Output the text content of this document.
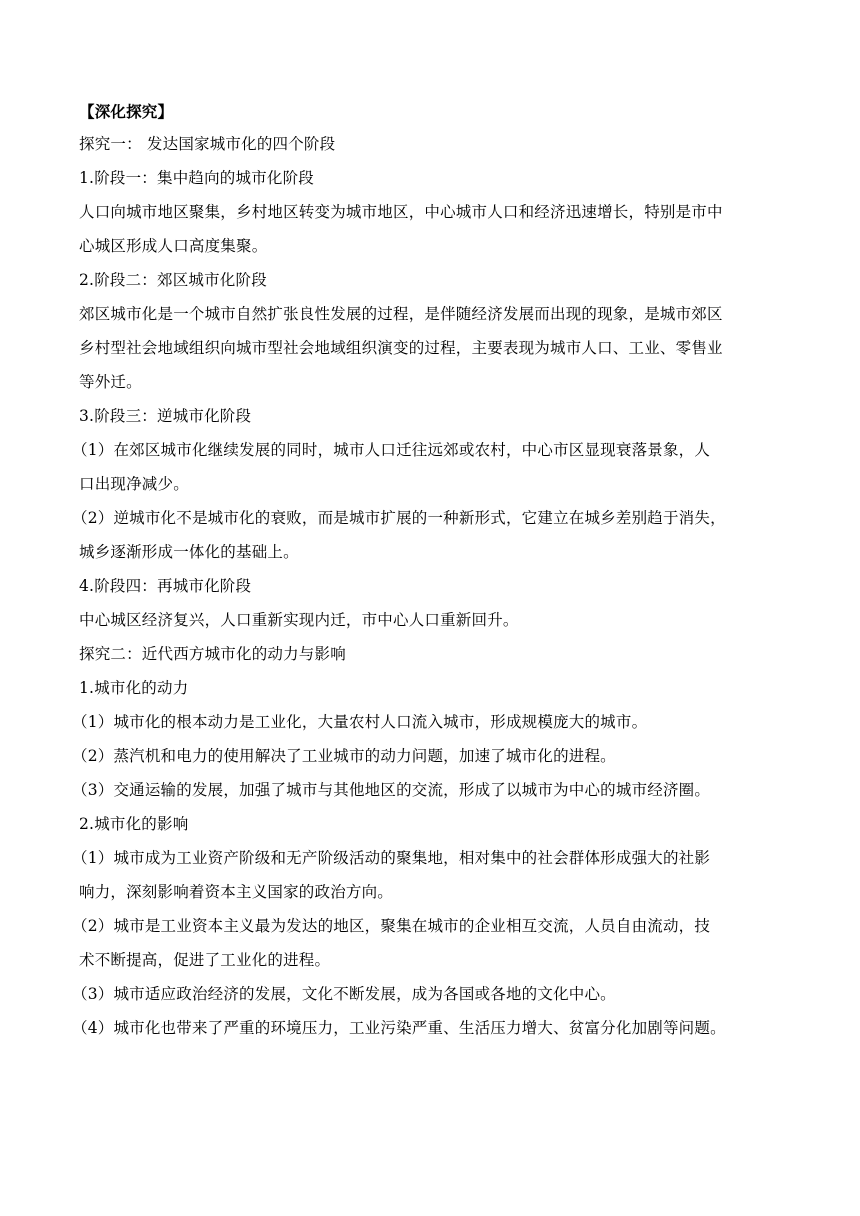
【深化探究】
探究一： 发达国家城市化的四个阶段
1.阶段一：集中趋向的城市化阶段
人口向城市地区聚集，乡村地区转变为城市地区，中心城市人口和经济迅速增长，特别是市中
心城区形成人口高度集聚。
2.阶段二：郊区城市化阶段
郊区城市化是一个城市自然扩张良性发展的过程，是伴随经济发展而出现的现象，是城市郊区
乡村型社会地域组织向城市型社会地域组织演变的过程，主要表现为城市人口、工业、零售业
等外迁。
3.阶段三：逆城市化阶段
（1）在郊区城市化继续发展的同时，城市人口迁往远郊或农村，中心市区显现衰落景象，人
口出现净减少。
（2）逆城市化不是城市化的衰败，而是城市扩展的一种新形式，它建立在城乡差别趋于消失，
城乡逐渐形成一体化的基础上。
4.阶段四：再城市化阶段
中心城区经济复兴，人口重新实现内迁，市中心人口重新回升。
探究二：近代西方城市化的动力与影响
1.城市化的动力
（1）城市化的根本动力是工业化，大量农村人口流入城市，形成规模庞大的城市。
（2）蒸汽机和电力的使用解决了工业城市的动力问题，加速了城市化的进程。
（3）交通运输的发展，加强了城市与其他地区的交流，形成了以城市为中心的城市经济圈。
2.城市化的影响
（1）城市成为工业资产阶级和无产阶级活动的聚集地，相对集中的社会群体形成强大的社影
响力，深刻影响着资本主义国家的政治方向。
（2）城市是工业资本主义最为发达的地区，聚集在城市的企业相互交流，人员自由流动，技
术不断提高，促进了工业化的进程。
（3）城市适应政治经济的发展，文化不断发展，成为各国或各地的文化中心。
（4）城市化也带来了严重的环境压力，工业污染严重、生活压力增大、贫富分化加剧等问题。
